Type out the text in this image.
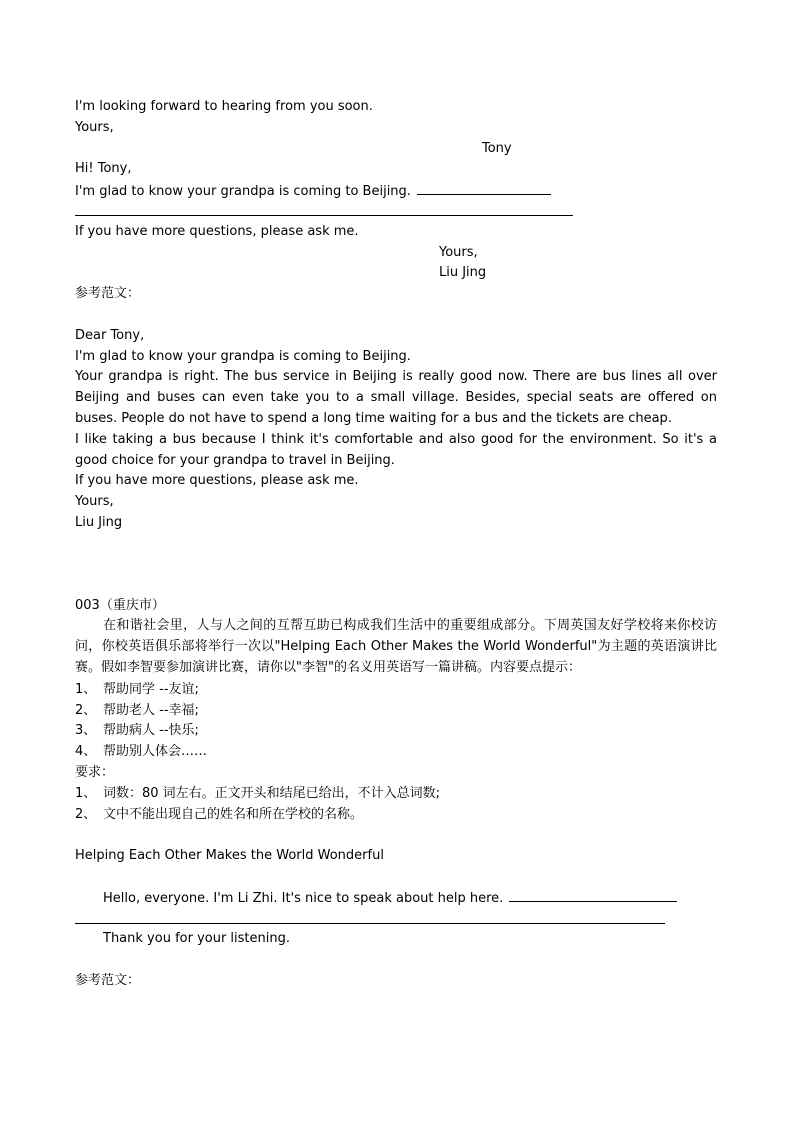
I'm looking forward to hearing from you soon.
Yours,
Tony
Hi! Tony,
I'm glad to know your grandpa is coming to Beijing.
If you have more questions, please ask me.
Yours,
Liu Jing
参考范文：
Dear Tony,
I'm glad to know your grandpa is coming to Beijing.
Your grandpa is right. The bus service in Beijing is really good now. There are bus lines all over Beijing and buses can even take you to a small village. Besides, special seats are offered on buses. People do not have to spend a long time waiting for a bus and the tickets are cheap.
I like taking a bus because I think it's comfortable and also good for the environment. So it's a good choice for your grandpa to travel in Beijing.
If you have more questions, please ask me.
Yours,
Liu Jing
003（重庆市）
在和谐社会里，人与人之间的互帮互助已构成我们生活中的重要组成部分。下周英国友好学校将来你校访问，你校英语俱乐部将举行一次以"Helping Each Other Makes the World Wonderful"为主题的英语演讲比赛。假如李智要参加演讲比赛，请你以"李智"的名义用英语写一篇讲稿。内容要点提示：
1、 帮助同学 --友谊;
2、 帮助老人 --幸福;
3、 帮助病人 --快乐;
4、 帮助别人体会……
要求：
1、 词数：80 词左右。正文开头和结尾已给出，不计入总词数;
2、 文中不能出现自己的姓名和所在学校的名称。
Helping Each Other Makes the World Wonderful
Hello, everyone. I'm Li Zhi. It's nice to speak about help here.
Thank you for your listening.
参考范文：
